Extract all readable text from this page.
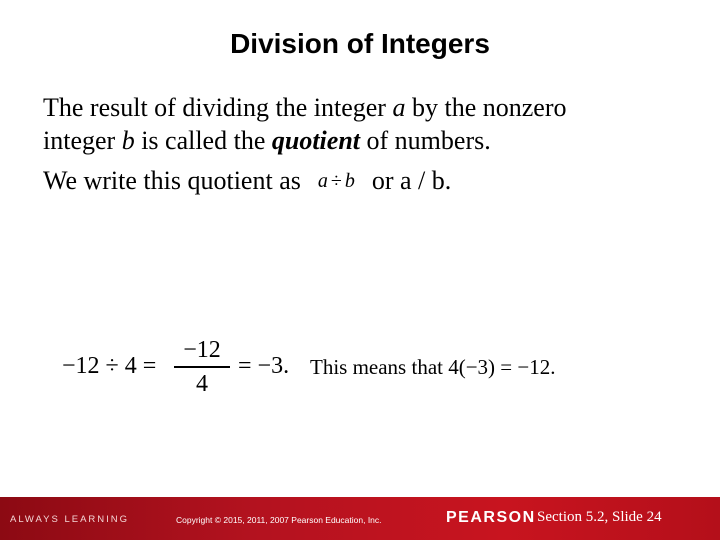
Division of Integers
The result of dividing the integer a by the nonzero
integer b is called the quotient of numbers.
We write this quotient as a ÷ b or a / b.
−12 ÷ 4 =
−12
4
= −3. This means that 4(−3) = −12.
ALWAYS LEARNING	Copyright © 2015, 2011, 2007 Pearson Education, Inc.	PEARSON Section 5.2, Slide 24
